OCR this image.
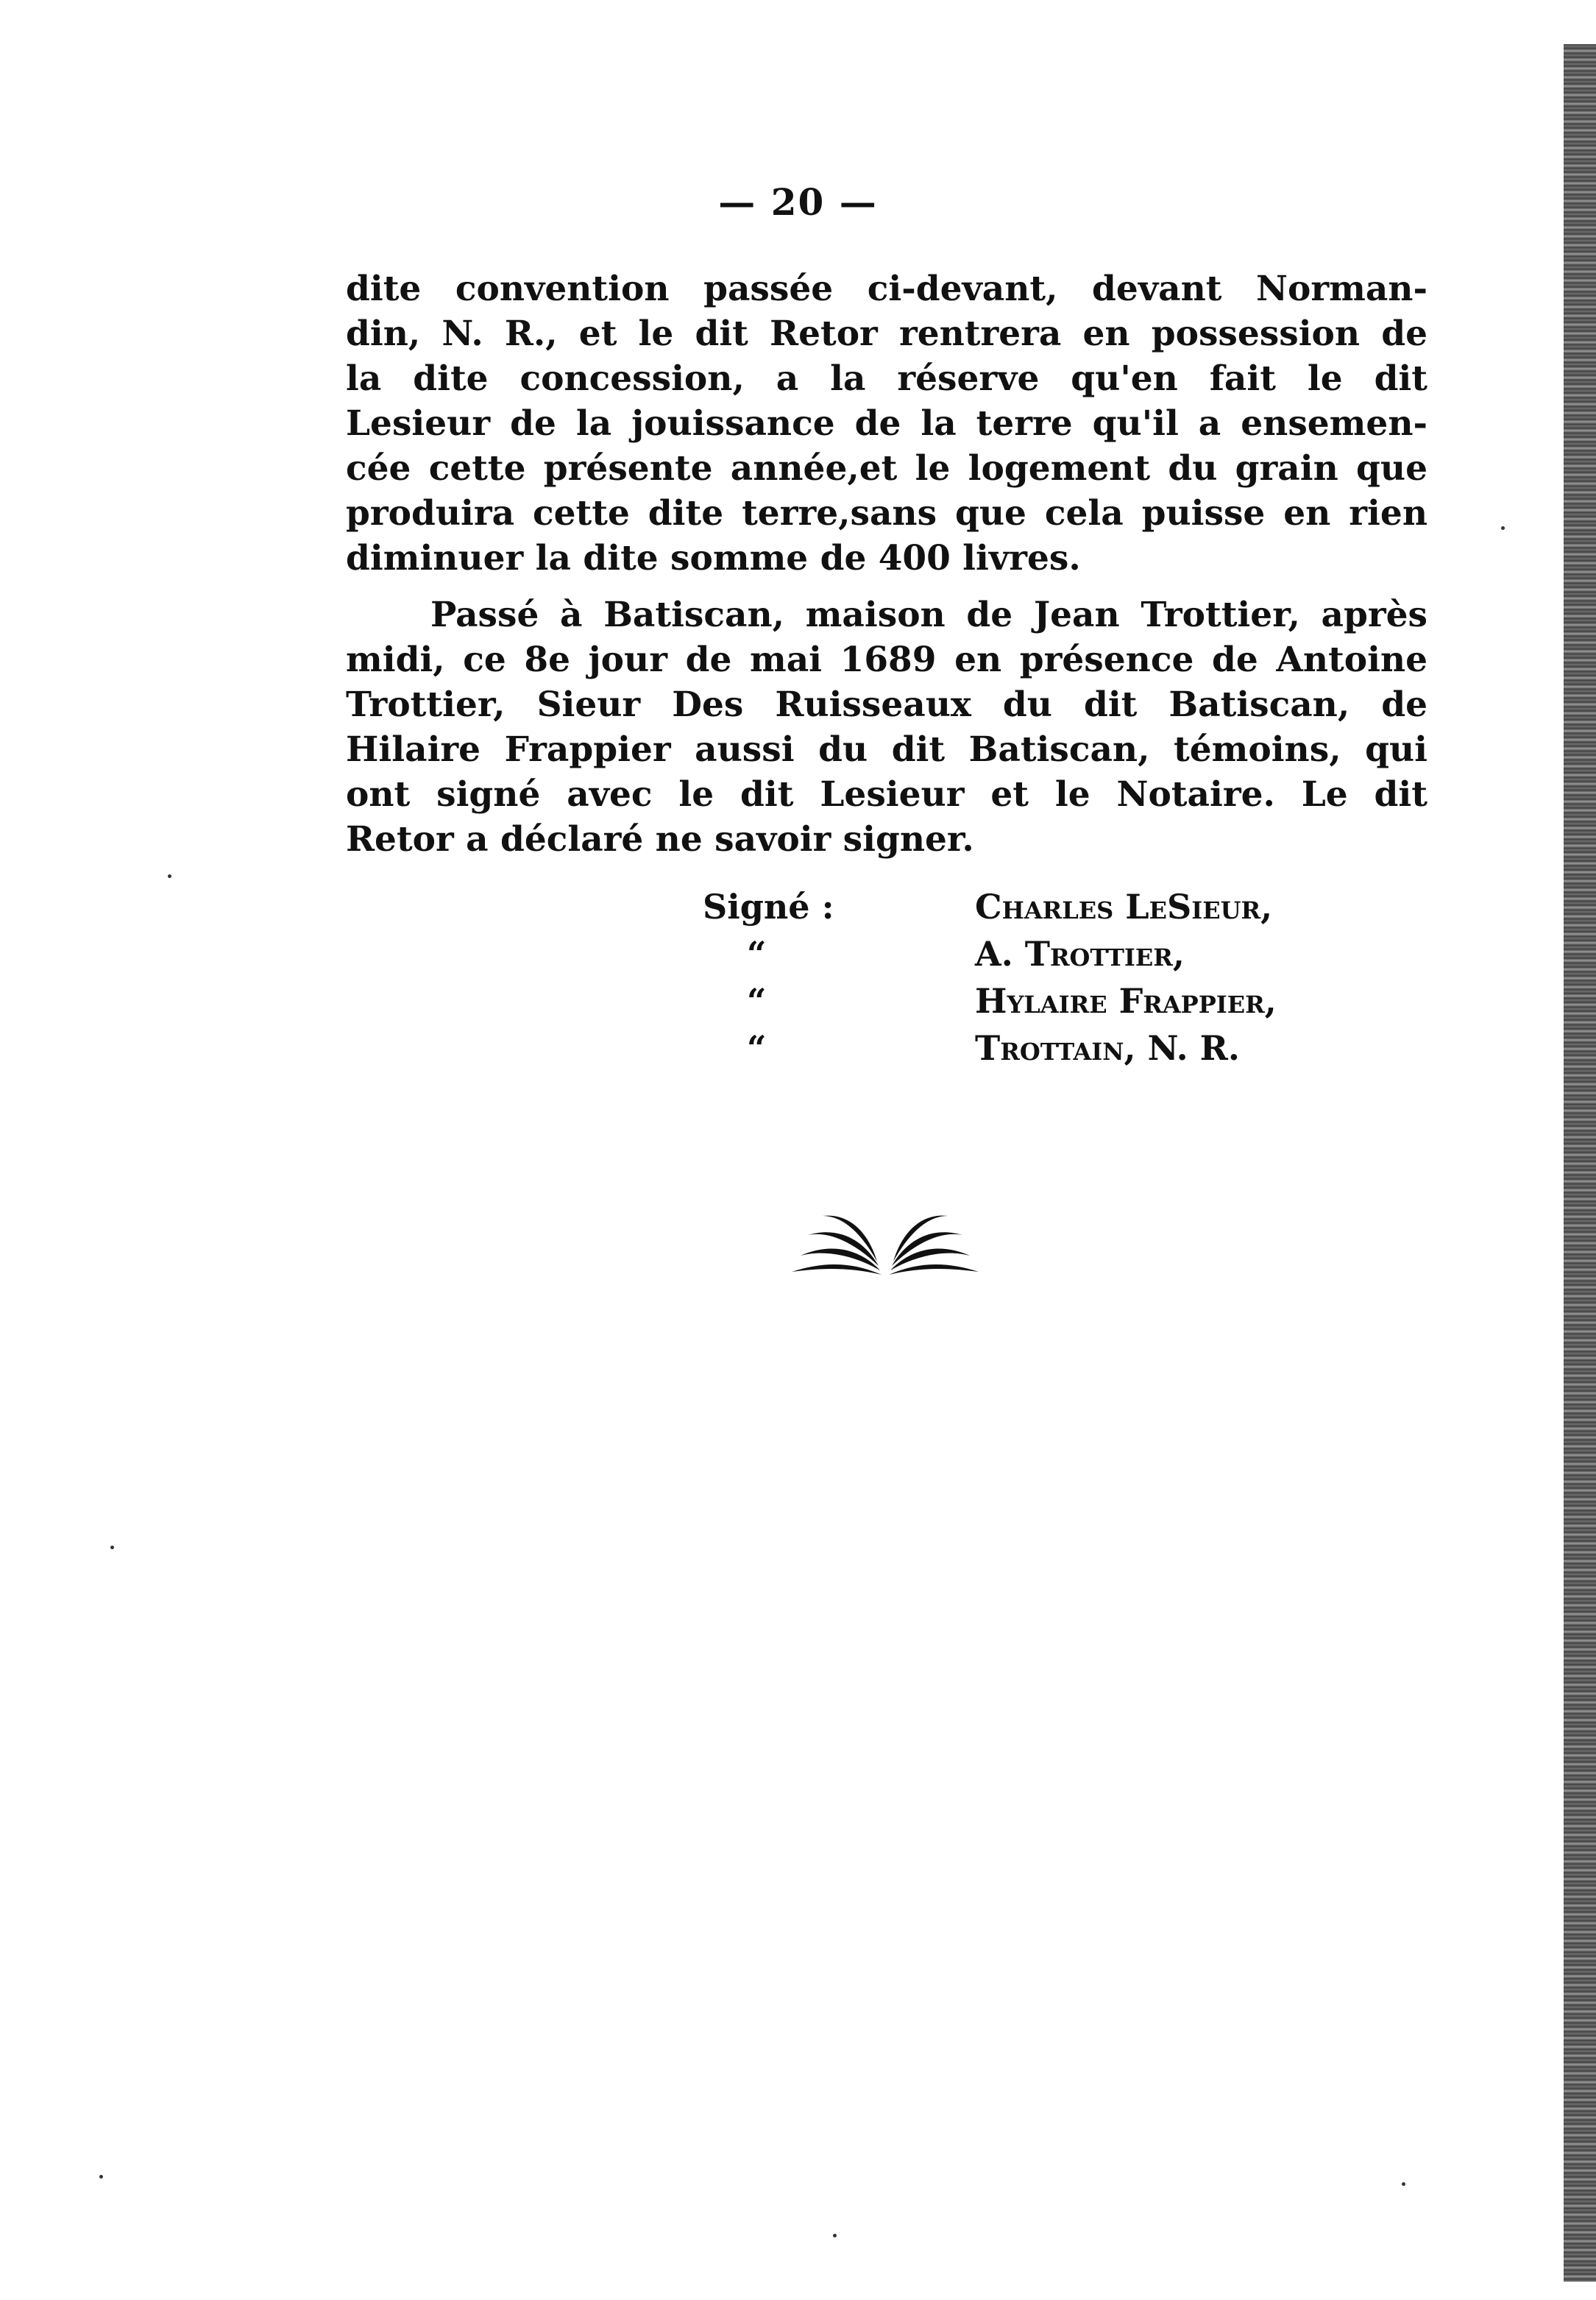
— 20 —

dite convention passée ci-devant, devant Norman-
din, N. R., et le dit Retor rentrera en possession de
la dite concession, a la réserve qu'en fait le dit
Lesieur de la jouissance de la terre qu'il a ensemen-
cée cette présente année,et le logement du grain que
produira cette dite terre,sans que cela puisse en rien
diminuer la dite somme de 400 livres.

Passé à Batiscan, maison de Jean Trottier, après
midi, ce 8e jour de mai 1689 en présence de Antoine
Trottier, Sieur Des Ruisseaux du dit Batiscan, de
Hilaire Frappier aussi du dit Batiscan, témoins, qui
ont signé avec le dit Lesieur et le Notaire. Le dit
Retor a déclaré ne savoir signer.

Signé :	Charles LeSieur,
“	A. Trottier,
“	Hylaire Frappier,
“	Trottain, N. R.
